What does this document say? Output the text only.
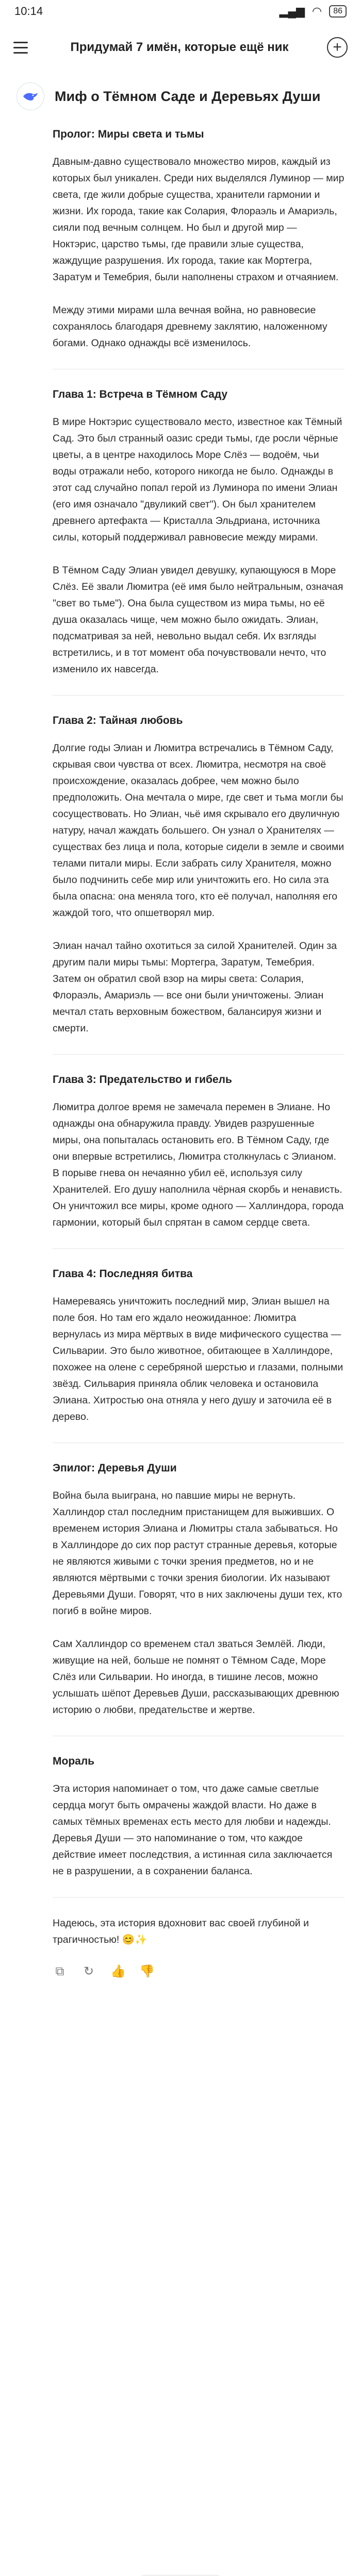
10:14	▂▄▆ ◠	86
Придумай 7 имён, которые ещё ник	+
Миф о Тёмном Саде и Деревьях Души
Пролог: Миры света и тьмы

Давным-давно существовало множество миров, каждый из которых был уникален. Среди них выделялся Луминор — мир света, где жили добрые существа, хранители гармонии и жизни. Их города, такие как Солария, Флораэль и Амариэль, сияли под вечным солнцем. Но был и другой мир — Ноктэрис, царство тьмы, где правили злые существа, жаждущие разрушения. Их города, такие как Мортегра, Заратум и Темебрия, были наполнены страхом и отчаянием.

Между этими мирами шла вечная война, но равновесие сохранялось благодаря древнему заклятию, наложенному богами. Однако однажды всё изменилось.

Глава 1: Встреча в Тёмном Саду

В мире Ноктэрис существовало место, известное как Тёмный Сад. Это был странный оазис среди тьмы, где росли чёрные цветы, а в центре находилось Море Слёз — водоём, чьи воды отражали небо, которого никогда не было. Однажды в этот сад случайно попал герой из Луминора по имени Элиан (его имя означало "двуликий свет"). Он был хранителем древнего артефакта — Кристалла Эльдриана, источника силы, который поддерживал равновесие между мирами.

В Тёмном Саду Элиан увидел девушку, купающуюся в Море Слёз. Её звали Люмитра (её имя было нейтральным, означая "свет во тьме"). Она была существом из мира тьмы, но её душа оказалась чище, чем можно было ожидать. Элиан, подсматривая за ней, невольно выдал себя. Их взгляды встретились, и в тот момент оба почувствовали нечто, что изменило их навсегда.

Глава 2: Тайная любовь

Долгие годы Элиан и Люмитра встречались в Тёмном Саду, скрывая свои чувства от всех. Люмитра, несмотря на своё происхождение, оказалась добрее, чем можно было предположить. Она мечтала о мире, где свет и тьма могли бы сосуществовать. Но Элиан, чьё имя скрывало его двуличную натуру, начал жаждать большего. Он узнал о Хранителях — существах без лица и пола, которые сидели в земле и своими телами питали миры. Если забрать силу Хранителя, можно было подчинить себе мир или уничтожить его. Но сила эта была опасна: она меняла того, кто её получал, наполняя его жаждой того, что опшетворял мир.

Элиан начал тайно охотиться за силой Хранителей. Один за другим пали миры тьмы: Мортегра, Заратум, Темебрия. Затем он обратил свой взор на миры света: Солария, Флораэль, Амариэль — все они были уничтожены. Элиан мечтал стать верховным божеством, балансируя жизни и смерти.

Глава 3: Предательство и гибель

Люмитра долгое время не замечала перемен в Элиане. Но однажды она обнаружила правду. Увидев разрушенные миры, она попыталась остановить его. В Тёмном Саду, где они впервые встретились, Люмитра столкнулась с Элианом. В порыве гнева он нечаянно убил её, используя силу Хранителей. Его душу наполнила чёрная скорбь и ненависть. Он уничтожил все миры, кроме одного — Халлиндора, города гармонии, который был спрятан в самом сердце света.

Глава 4: Последняя битва

Намереваясь уничтожить последний мир, Элиан вышел на поле боя. Но там его ждало неожиданное: Люмитра вернулась из мира мёртвых в виде мифического существа — Сильварии. Это было животное, обитающее в Халлиндоре, похожее на олене с серебряной шерстью и глазами, полными звёзд. Сильвария приняла облик человека и остановила Элиана. Хитростью она отняла у него душу и заточила её в дерево.

Эпилог: Деревья Души

Война была выиграна, но павшие миры не вернуть. Халлиндор стал последним пристанищем для выживших. О временем история Элиана и Люмитры стала забываться. Но в Халлиндоре до сих пор растут странные деревья, которые не являются живыми с точки зрения предметов, но и не являются мёртвыми с точки зрения биологии. Их называют Деревьями Души. Говорят, что в них заключены души тех, кто погиб в войне миров.

Сам Халлиндор со временем стал зваться Землёй. Люди, живущие на ней, больше не помнят о Тёмном Саде, Море Слёз или Сильварии. Но иногда, в тишине лесов, можно услышать шёпот Деревьев Души, рассказывающих древнюю историю о любви, предательстве и жертве.

Мораль

Эта история напоминает о том, что даже самые светлые сердца могут быть омрачены жаждой власти. Но даже в самых тёмных временах есть место для любви и надежды. Деревья Души — это напоминание о том, что каждое действие имеет последствия, а истинная сила заключается не в разрушении, а в сохранении баланса.

Надеюсь, эта история вдохновит вас своей глубиной и трагичностью! 😊✨

⧉ ↻ 👍 👎
